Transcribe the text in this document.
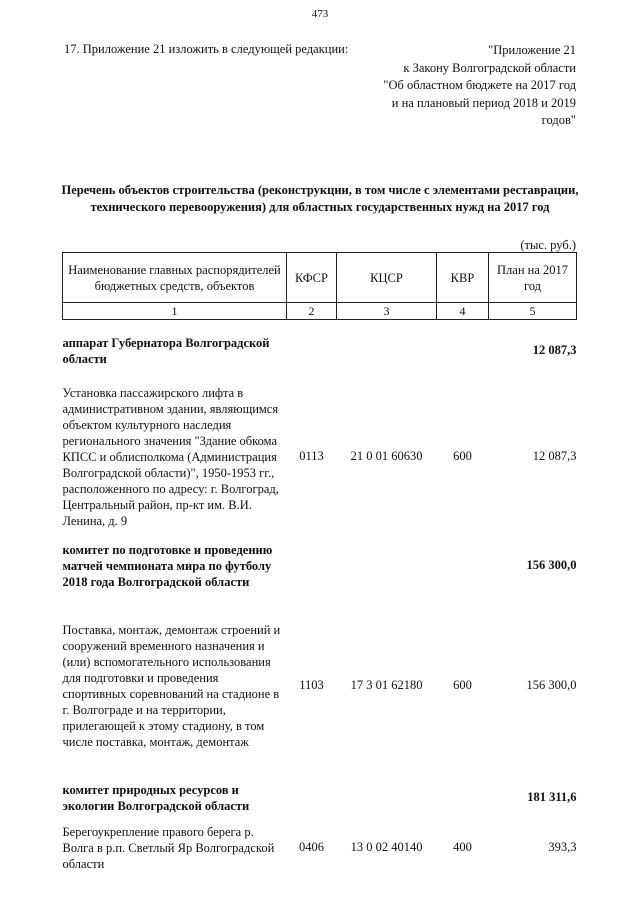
473
17. Приложение 21 изложить в следующей редакции:	"Приложение 21
к Закону Волгоградской области
"Об областном бюджете на 2017 год
и на плановый период 2018 и 2019
годов"
Перечень объектов строительства (реконструкции, в том числе с элементами реставрации,
технического перевооружения) для областных государственных нужд на 2017 год
(тыс. руб.)
Наименование главных распорядителей бюджетных средств, объектов	КФСР	КЦСР	КВР	План на 2017 год
1	2	3	4	5
аппарат Губернатора Волгоградской области				12 087,3
Установка пассажирского лифта в административном здании, являющимся объектом культурного наследия регионального значения "Здание обкома КПСС и облисполкома (Администрация Волгоградской области)", 1950-1953 гг., расположенного по адресу: г. Волгоград, Центральный район, пр-кт им. В.И. Ленина, д. 9	0113	21 0 01 60630	600	12 087,3
комитет по подготовке и проведению матчей чемпионата мира по футболу 2018 года Волгоградской области				156 300,0
Поставка, монтаж, демонтаж строений и сооружений временного назначения и (или) вспомогательного использования для подготовки и проведения спортивных соревнований на стадионе в г. Волгограде и на территории, прилегающей к этому стадиону, в том числе поставка, монтаж, демонтаж	1103	17 3 01 62180	600	156 300,0
комитет природных ресурсов и экологии Волгоградской области				181 311,6
Берегоукрепление правого берега р. Волга в р.п. Светлый Яр Волгоградской области	0406	13 0 02 40140	400	393,3
